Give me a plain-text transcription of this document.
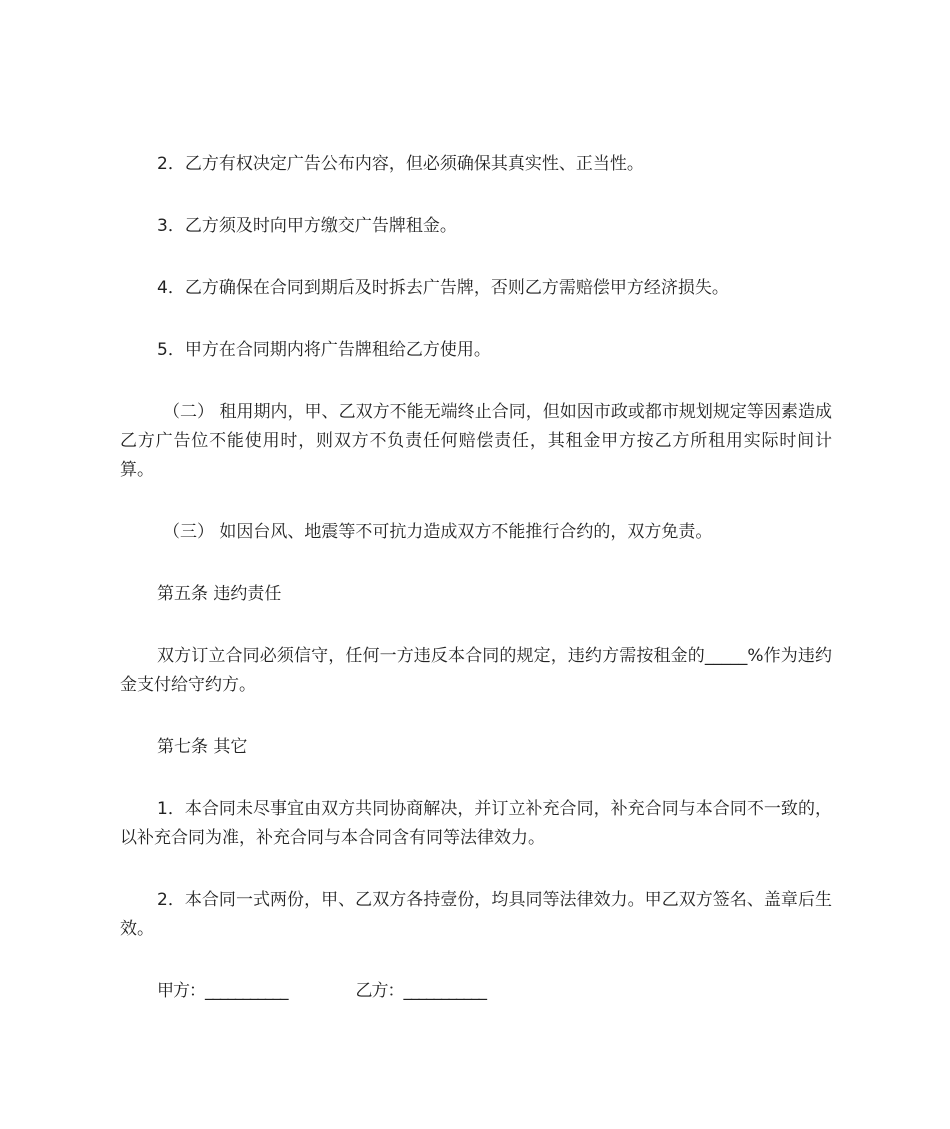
2．乙方有权决定广告公布内容，但必须确保其真实性、正当性。

3．乙方须及时向甲方缴交广告牌租金。

4．乙方确保在合同到期后及时拆去广告牌，否则乙方需赔偿甲方经济损失。

5．甲方在合同期内将广告牌租给乙方使用。

（二） 租用期内，甲、乙双方不能无端终止合同，但如因市政或都市规划规定等因素造成乙方广告位不能使用时，则双方不负责任何赔偿责任，其租金甲方按乙方所租用实际时间计算。

（三） 如因台风、地震等不可抗力造成双方不能推行合约的，双方免责。

第五条 违约责任

双方订立合同必须信守，任何一方违反本合同的规定，违约方需按租金的_____%作为违约金支付给守约方。

第七条 其它

1．本合同未尽事宜由双方共同协商解决，并订立补充合同，补充合同与本合同不一致的，以补充合同为准，补充合同与本合同含有同等法律效力。

2．本合同一式两份，甲、乙双方各持壹份，均具同等法律效力。甲乙双方签名、盖章后生效。

甲方：___________	乙方：___________
